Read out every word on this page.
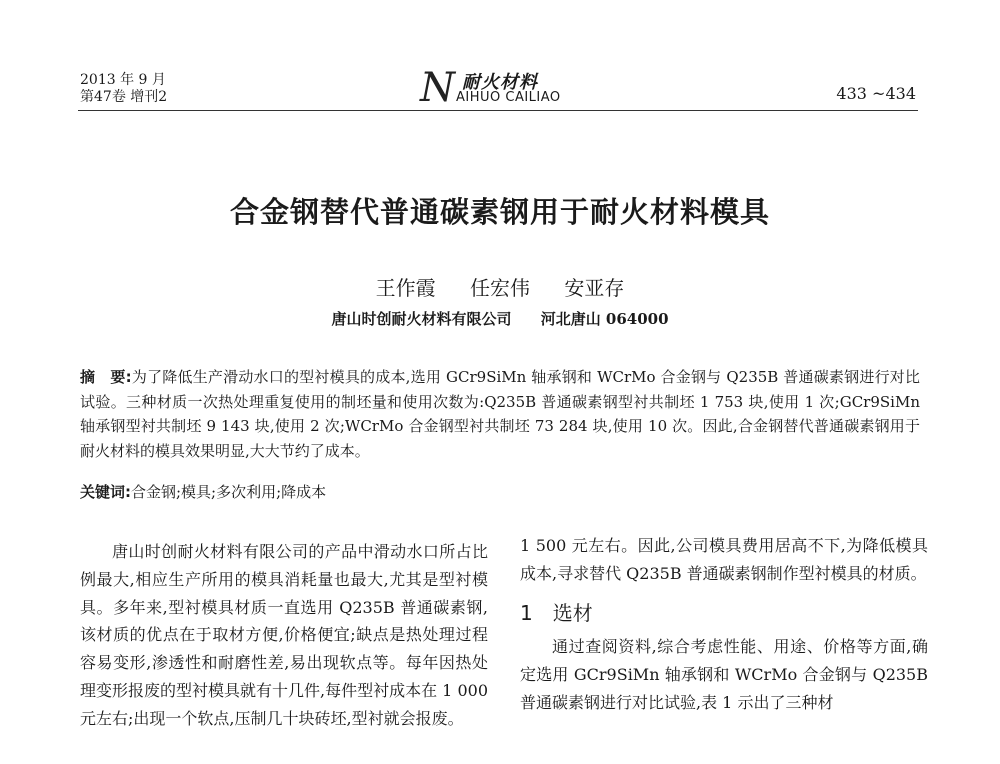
2013 年 9 月
第47卷 增刊2	N 耐火材料
AIHUO CAILIAO	433 ~434
合金钢替代普通碳素钢用于耐火材料模具
王作霞 任宏伟 安亚存
唐山时创耐火材料有限公司 河北唐山 064000
摘　要:为了降低生产滑动水口的型衬模具的成本,选用 GCr9SiMn 轴承钢和 WCrMo 合金钢与 Q235B 普通碳素钢进行对比试验。三种材质一次热处理重复使用的制坯量和使用次数为:Q235B 普通碳素钢型衬共制坯 1 753 块,使用 1 次;GCr9SiMn 轴承钢型衬共制坯 9 143 块,使用 2 次;WCrMo 合金钢型衬共制坯 73 284 块,使用 10 次。因此,合金钢替代普通碳素钢用于耐火材料的模具效果明显,大大节约了成本。
关键词:合金钢;模具;多次利用;降成本

唐山时创耐火材料有限公司的产品中滑动水口所占比例最大,相应生产所用的模具消耗量也最大,尤其是型衬模具。多年来,型衬模具材质一直选用 Q235B 普通碳素钢,该材质的优点在于取材方便,价格便宜;缺点是热处理过程容易变形,渗透性和耐磨性差,易出现软点等。每年因热处理变形报废的型衬模具就有十几件,每件型衬成本在 1 000 元左右;出现一个软点,压制几十块砖坯,型衬就会报废。

1 500 元左右。因此,公司模具费用居高不下,为降低模具成本,寻求替代 Q235B 普通碳素钢制作型衬模具的材质。

1 选材

通过查阅资料,综合考虑性能、用途、价格等方面,确定选用 GCr9SiMn 轴承钢和 WCrMo 合金钢与 Q235B 普通碳素钢进行对比试验,表 1 示出了三种材
